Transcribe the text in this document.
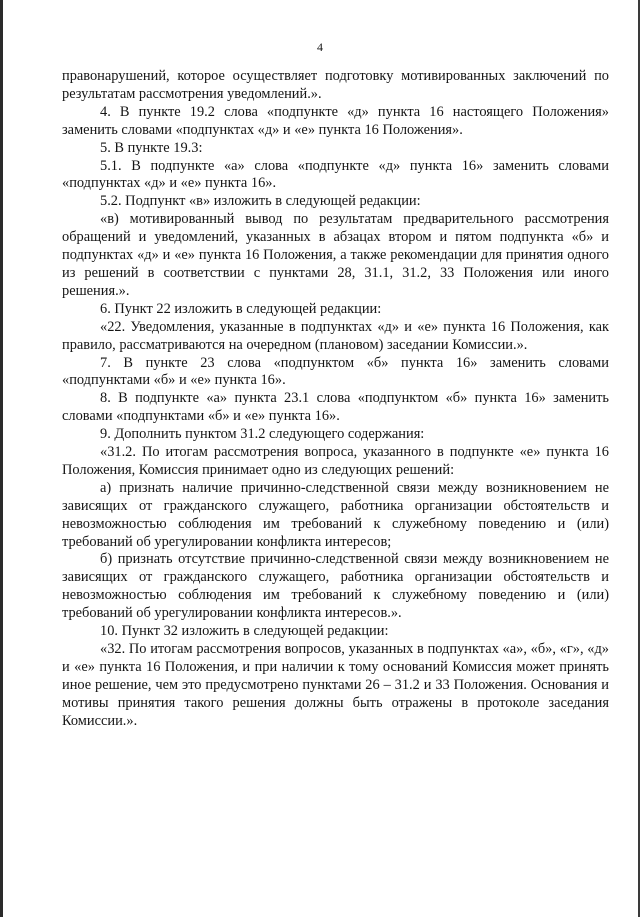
4

правонарушений, которое осуществляет подготовку мотивированных заключений по результатам рассмотрения уведомлений.».

4. В пункте 19.2 слова «подпункте «д» пункта 16 настоящего Положения» заменить словами «подпунктах «д» и «е» пункта 16 Положения».

5. В пункте 19.3:

5.1. В подпункте «а» слова «подпункте «д» пункта 16» заменить словами «подпунктах «д» и «е» пункта 16».

5.2. Подпункт «в» изложить в следующей редакции:

«в) мотивированный вывод по результатам предварительного рассмотрения обращений и уведомлений, указанных в абзацах втором и пятом подпункта «б» и подпунктах «д» и «е» пункта 16 Положения, а также рекомендации для принятия одного из решений в соответствии с пунктами 28, 31.1, 31.2, 33 Положения или иного решения.».

6. Пункт 22 изложить в следующей редакции:

«22. Уведомления, указанные в подпунктах «д» и «е» пункта 16 Положения, как правило, рассматриваются на очередном (плановом) заседании Комиссии.».

7. В пункте 23 слова «подпунктом «б» пункта 16» заменить словами «подпунктами «б» и «е» пункта 16».

8. В подпункте «а» пункта 23.1 слова «подпунктом «б» пункта 16» заменить словами «подпунктами «б» и «е» пункта 16».

9. Дополнить пунктом 31.2 следующего содержания:

«31.2. По итогам рассмотрения вопроса, указанного в подпункте «е» пункта 16 Положения, Комиссия принимает одно из следующих решений:

а) признать наличие причинно-следственной связи между возникновением не зависящих от гражданского служащего, работника организации обстоятельств и невозможностью соблюдения им требований к служебному поведению и (или) требований об урегулировании конфликта интересов;

б) признать отсутствие причинно-следственной связи между возникновением не зависящих от гражданского служащего, работника организации обстоятельств и невозможностью соблюдения им требований к служебному поведению и (или) требований об урегулировании конфликта интересов.».

10. Пункт 32 изложить в следующей редакции:

«32. По итогам рассмотрения вопросов, указанных в подпунктах «а», «б», «г», «д» и «е» пункта 16 Положения, и при наличии к тому оснований Комиссия может принять иное решение, чем это предусмотрено пунктами 26 – 31.2 и 33 Положения. Основания и мотивы принятия такого решения должны быть отражены в протоколе заседания Комиссии.».
